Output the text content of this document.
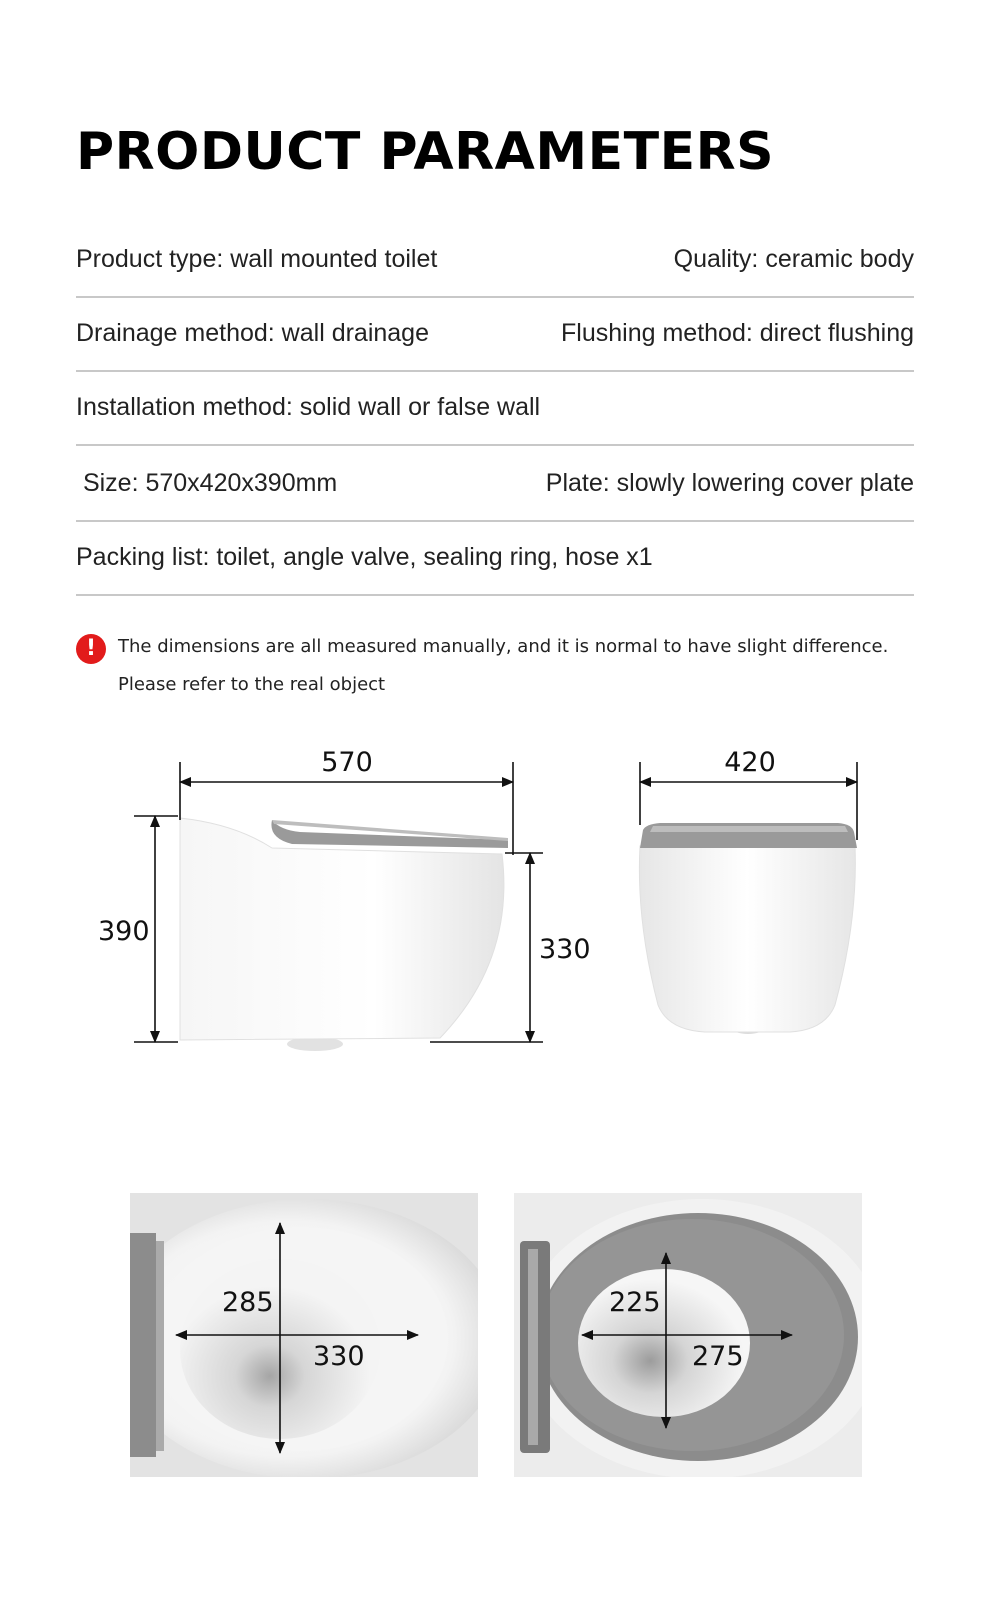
PRODUCT PARAMETERS
Product type: wall mounted toilet	Quality: ceramic body
Drainage method: wall drainage	Flushing method: direct flushing
Installation method: solid wall or false wall
Size: 570x420x390mm	Plate: slowly lowering cover plate
Packing list: toilet, angle valve, sealing ring, hose x1
!	The dimensions are all measured manually, and it is normal to have slight difference.
Please refer to the real object
570
390
330
420
285
330
225
275
